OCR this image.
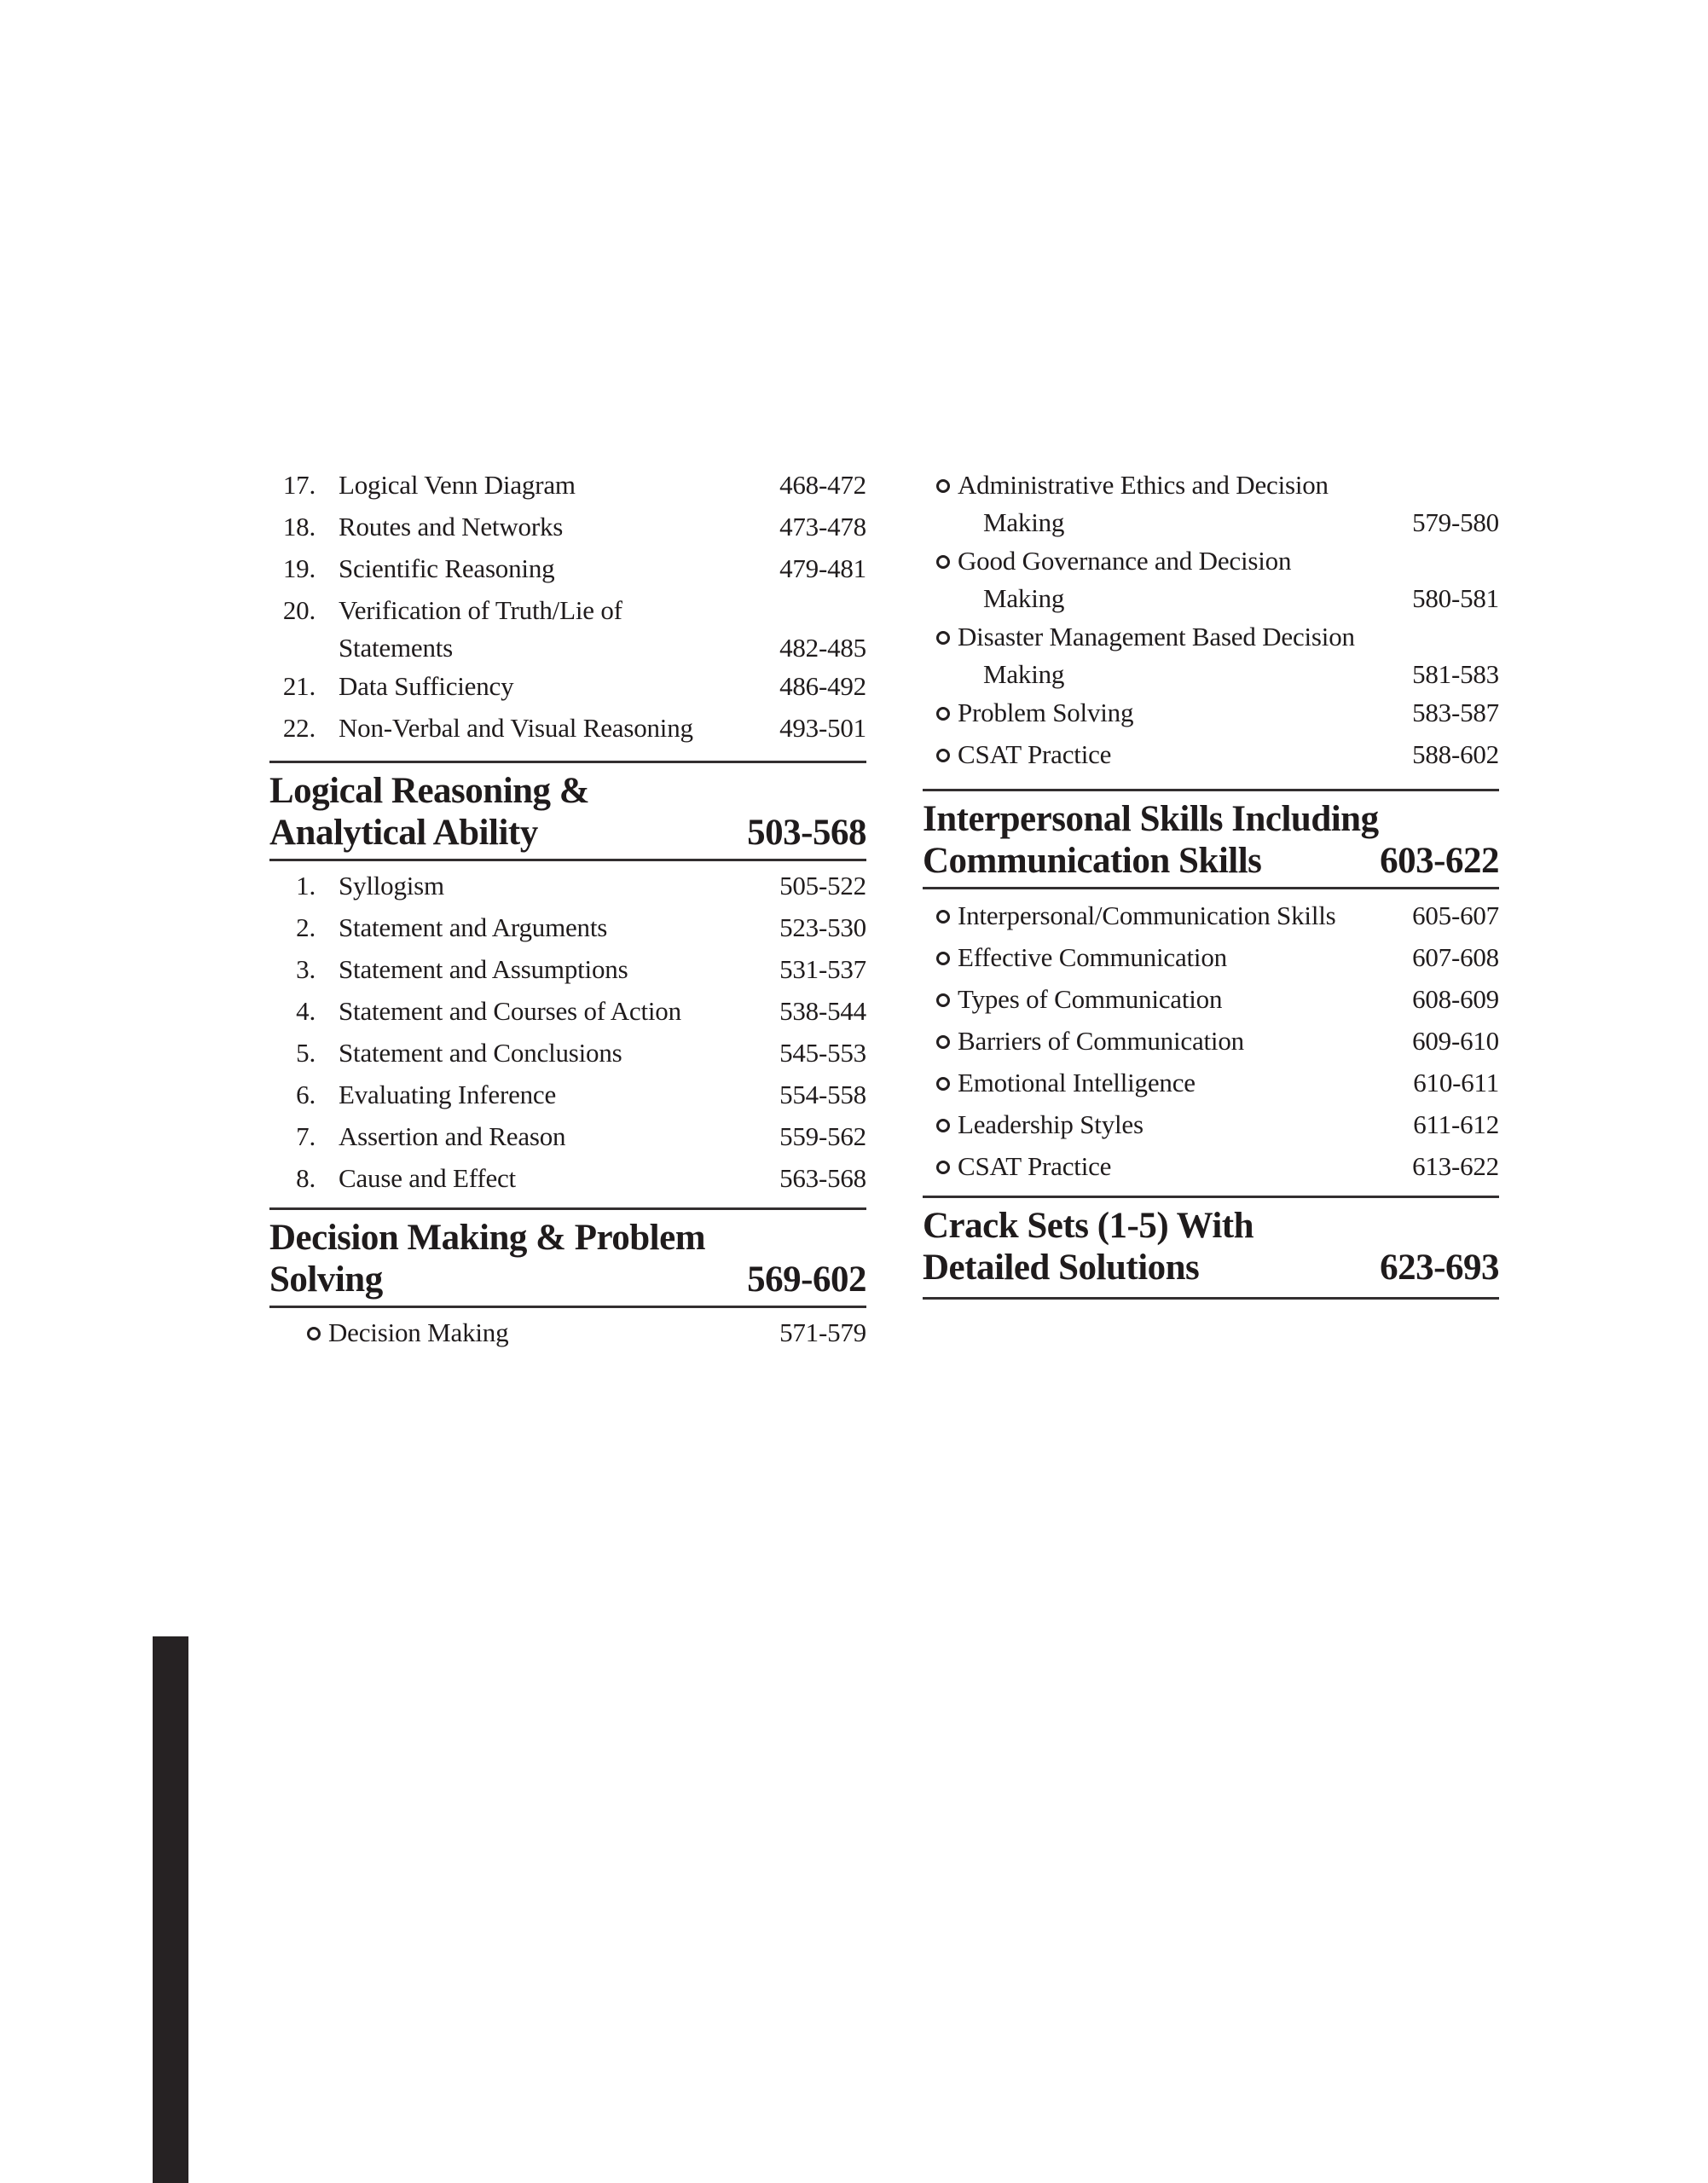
17. Logical Venn Diagram	468-472
18. Routes and Networks	473-478
19. Scientific Reasoning	479-481
20. Verification of Truth/Lie of
Statements	482-485
21. Data Sufficiency	486-492
22. Non-Verbal and Visual Reasoning	493-501
Logical Reasoning &
Analytical Ability	503-568
1. Syllogism	505-522
2. Statement and Arguments	523-530
3. Statement and Assumptions	531-537
4. Statement and Courses of Action	538-544
5. Statement and Conclusions	545-553
6. Evaluating Inference	554-558
7. Assertion and Reason	559-562
8. Cause and Effect	563-568
Decision Making & Problem
Solving	569-602
Decision Making	571-579
Administrative Ethics and Decision
Making	579-580
Good Governance and Decision
Making	580-581
Disaster Management Based Decision
Making	581-583
Problem Solving	583-587
CSAT Practice	588-602
Interpersonal Skills Including
Communication Skills	603-622
Interpersonal/Communication Skills	605-607
Effective Communication	607-608
Types of Communication	608-609
Barriers of Communication	609-610
Emotional Intelligence	610-611
Leadership Styles	611-612
CSAT Practice	613-622
Crack Sets (1-5) With
Detailed Solutions	623-693
